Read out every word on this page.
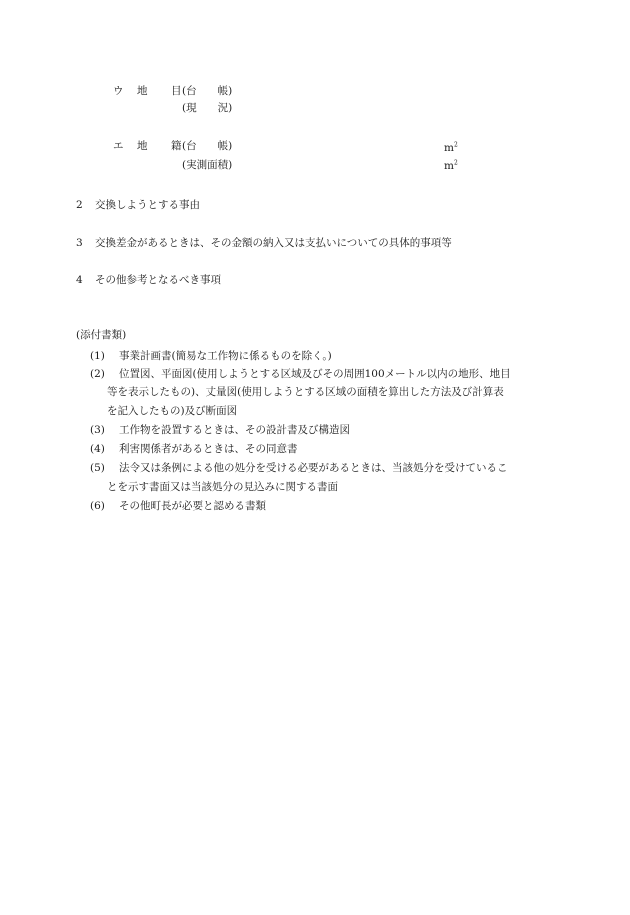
ウ 地 目 (台　　帳)
(現　　況)
エ 地 籍 (台　　帳)
(実測面積)
$m^2$
$m^2$
2 交換しようとする事由
3 交換差金があるときは、その金額の納入又は支払いについての具体的事項等
4 その他参考となるべき事項
(添付書類)
(1) 事業計画書(簡易な工作物に係るものを除く。)
(2) 位置図、平面図(使用しようとする区域及びその周囲100メートル以内の地形、地目
等を表示したもの)、丈量図(使用しようとする区域の面積を算出した方法及び計算表
を記入したもの)及び断面図
(3) 工作物を設置するときは、その設計書及び構造図
(4) 利害関係者があるときは、その同意書
(5) 法令又は条例による他の処分を受ける必要があるときは、当該処分を受けているこ
とを示す書面又は当該処分の見込みに関する書面
(6) その他町長が必要と認める書類
